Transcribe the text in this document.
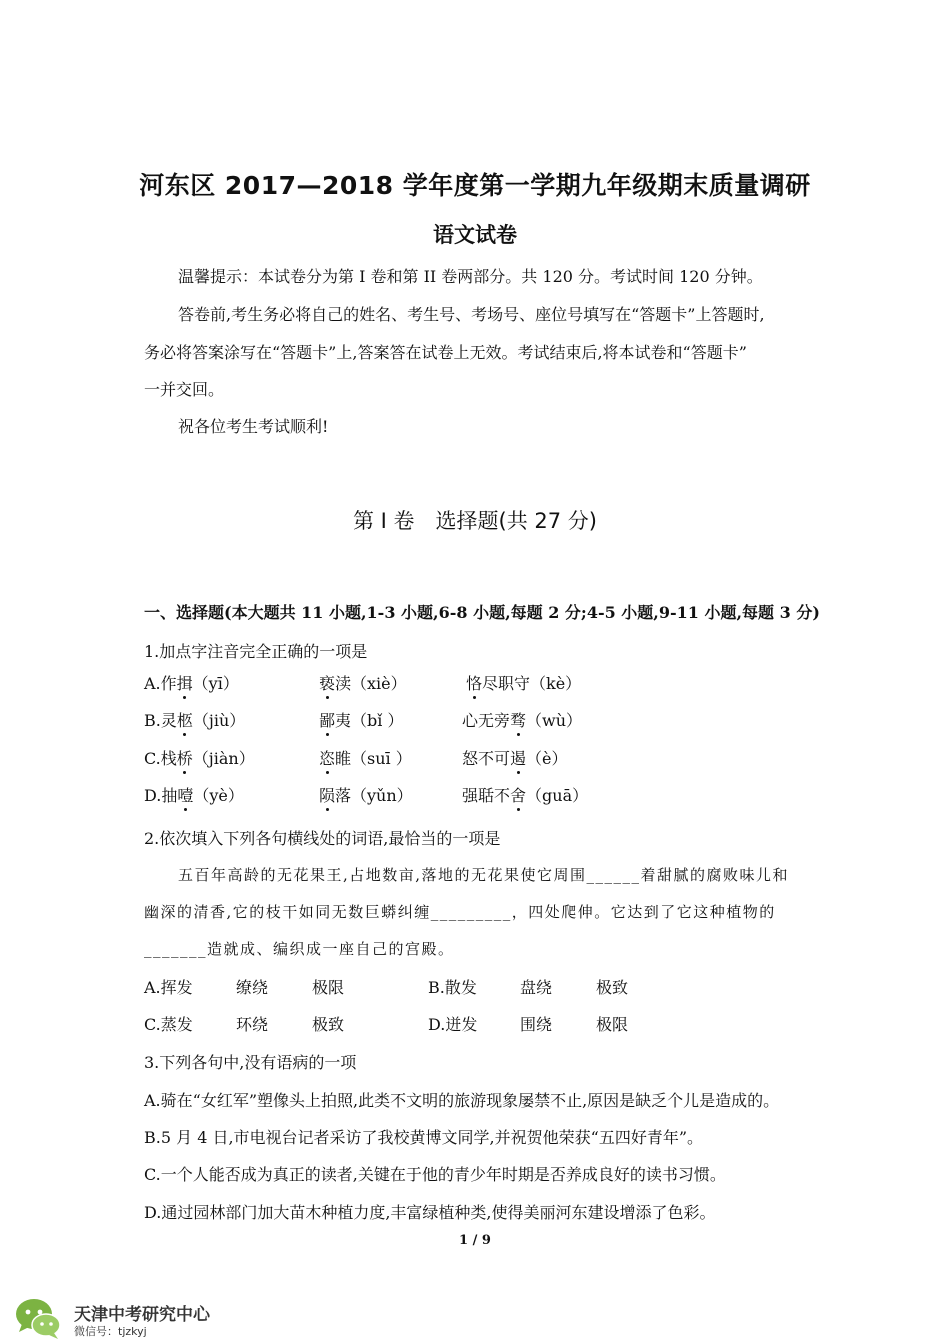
河东区 2017—2018 学年度第一学期九年级期末质量调研
语文试卷
温馨提示：本试卷分为第 I 卷和第 II 卷两部分。共 120 分。考试时间 120 分钟。
答卷前,考生务必将自己的姓名、考生号、考场号、座位号填写在“答题卡”上答题时,
务必将答案涂写在“答题卡”上,答案答在试卷上无效。考试结束后,将本试卷和“答题卡”
一并交回。
祝各位考生考试顺利!
第 I 卷　选择题(共 27 分)
一、选择题(本大题共 11 小题,1-3 小题,6-8 小题,每题 2 分;4-5 小题,9-11 小题,每题 3 分)
1.加点字注音完全正确的一项是
A.作揖（yī）	亵渎（xiè）	恪尽职守（kè）
B.灵柩（jiù）	鄙夷（bǐ ）	心无旁骛（wù）
C.栈桥（jiàn）	恣睢（suī ）	怒不可遏（è）
D.抽噎（yè）	陨落（yǔn）	强聒不舍（guā）
2.依次填入下列各句横线处的词语,最恰当的一项是
五百年高龄的无花果王,占地数亩,落地的无花果使它周围______着甜腻的腐败味儿和
幽深的清香,它的枝干如同无数巨蟒纠缠_________，四处爬伸。它达到了它这种植物的
_______造就成、编织成一座自己的宫殿。
A.挥发	缭绕	极限	B.散发	盘绕	极致
C.蒸发	环绕	极致	D.迸发	围绕	极限
3.下列各句中,没有语病的一项
A.骑在“女红军”塑像头上拍照,此类不文明的旅游现象屡禁不止,原因是缺乏个儿是造成的。
B.5 月 4 日,市电视台记者采访了我校黄博文同学,并祝贺他荣获“五四好青年”。
C.一个人能否成为真正的读者,关键在于他的青少年时期是否养成良好的读书习惯。
D.通过园林部门加大苗木种植力度,丰富绿植种类,使得美丽河东建设增添了色彩。
1 / 9
天津中考研究中心
微信号：tjzkyj
